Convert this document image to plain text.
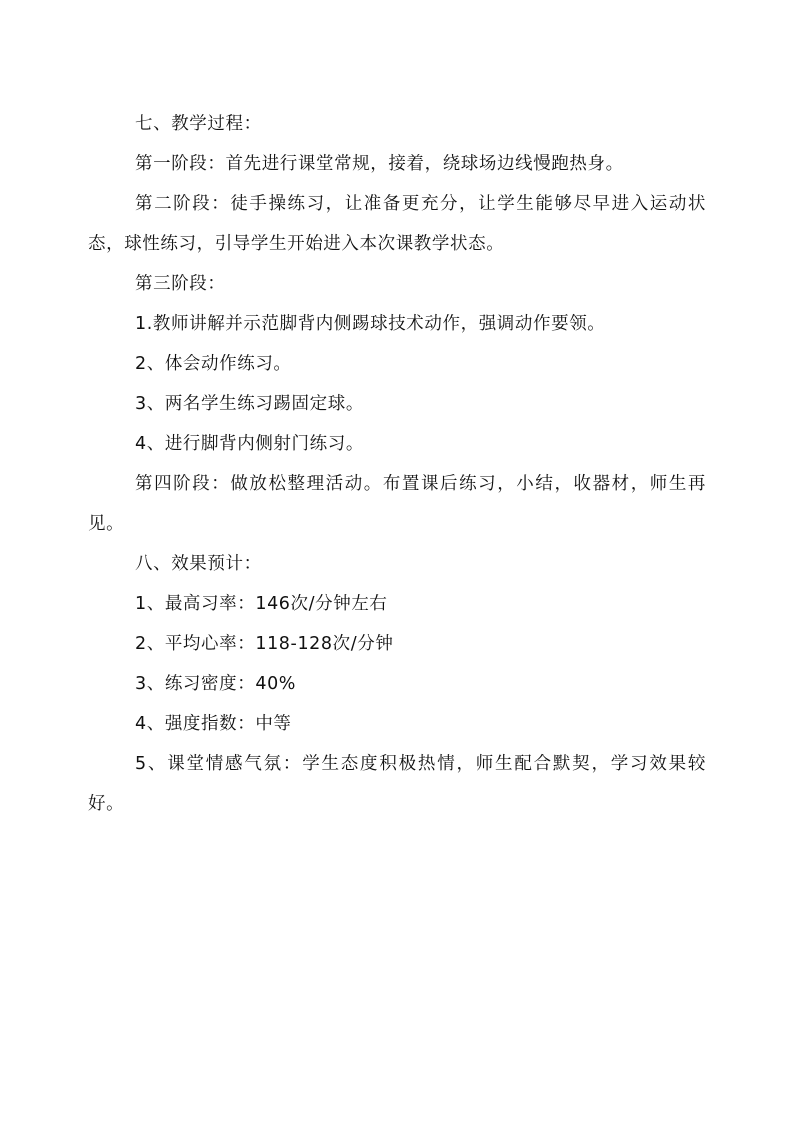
七、教学过程：

第一阶段：首先进行课堂常规，接着，绕球场边线慢跑热身。

第二阶段：徒手操练习，让准备更充分，让学生能够尽早进入运动状态，球性练习，引导学生开始进入本次课教学状态。

第三阶段：

1.教师讲解并示范脚背内侧踢球技术动作，强调动作要领。

2、体会动作练习。

3、两名学生练习踢固定球。

4、进行脚背内侧射门练习。

第四阶段：做放松整理活动。布置课后练习，小结，收器材，师生再见。

八、效果预计：

1、最高习率：146次/分钟左右

2、平均心率：118-128次/分钟

3、练习密度：40%

4、强度指数：中等

5、课堂情感气氛：学生态度积极热情，师生配合默契，学习效果较好。
